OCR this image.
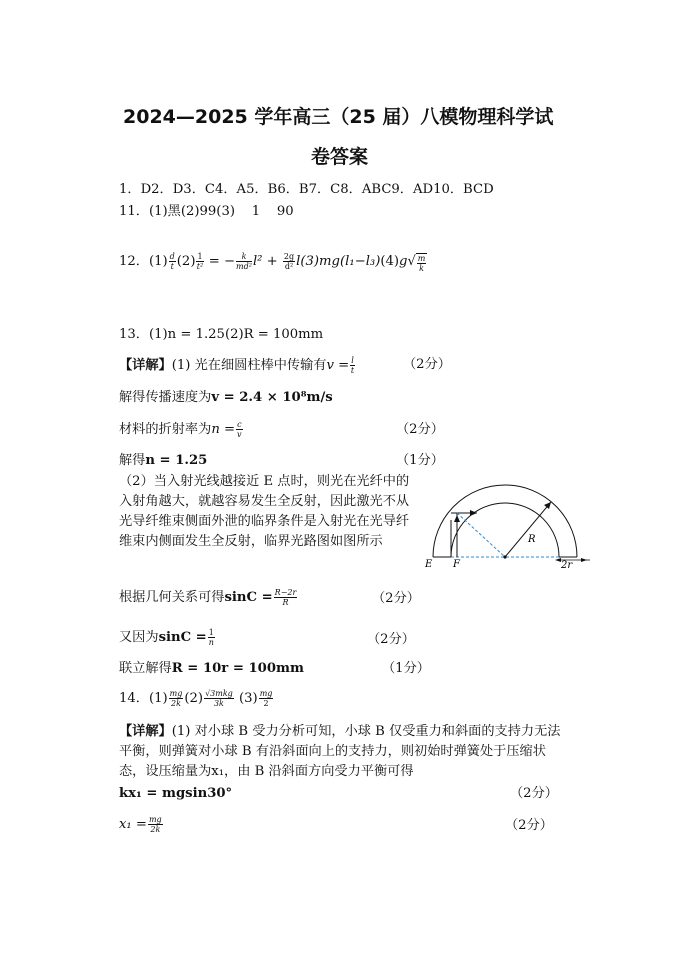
2024—2025 学年高三（25 届）八模物理科学试
卷答案
1．D2．D3．C4．A5．B6．B7．C8．ABC9．AD10．BCD
11．(1)黑(2)99(3)    1    90
12．$(1) \frac{d}{t} (2) \frac{1}{\text{t²}}$ = − $\frac{k}{\text{md²}} l^2 + \frac{2g}{\text{d²}} l(3)mg(l_1-l_3)(4)g√ \frac{m}{k}$
13．(1)n = 1.25(2)R = 100mm
【详解】(1) 光在细圆柱棒中传输有$v = \frac{l}{t}$	（2分）
解得传播速度为v = 2.4 × 10⁸m/s
材料的折射率为$n = \frac{c}{v}$	（2分）
解得n = 1.25	（1分）
（2）当入射光线越接近 E 点时，则光在光纤中的入射角越大，就越容易发生全反射，因此激光不从光导纤维束侧面外泄的临界条件是入射光在光导纤维束内侧面发生全反射，临界光路图如图所示
E F
R
2r
根据几何关系可得$\sin C = \frac{R-2r}{R}$	（2分）
又因为$\sin C = \frac{1}{n}$	（2分）
联立解得R = 10r = 100mm	（1分）
14．$(1) \frac{mg}{2k} (2) \frac{\text{√3mkg}}{3k} (3) \frac{mg}{2}$
【详解】(1) 对小球 B 受力分析可知，小球 B 仅受重力和斜面的支持力无法平衡，则弹簧对小球 B 有沿斜面向上的支持力，则初始时弹簧处于压缩状态，设压缩量为x₁，由 B 沿斜面方向受力平衡可得
kx₁ = mgsin30°	（2分）
$x_1 = \frac{mg}{2k}$	（2分）
